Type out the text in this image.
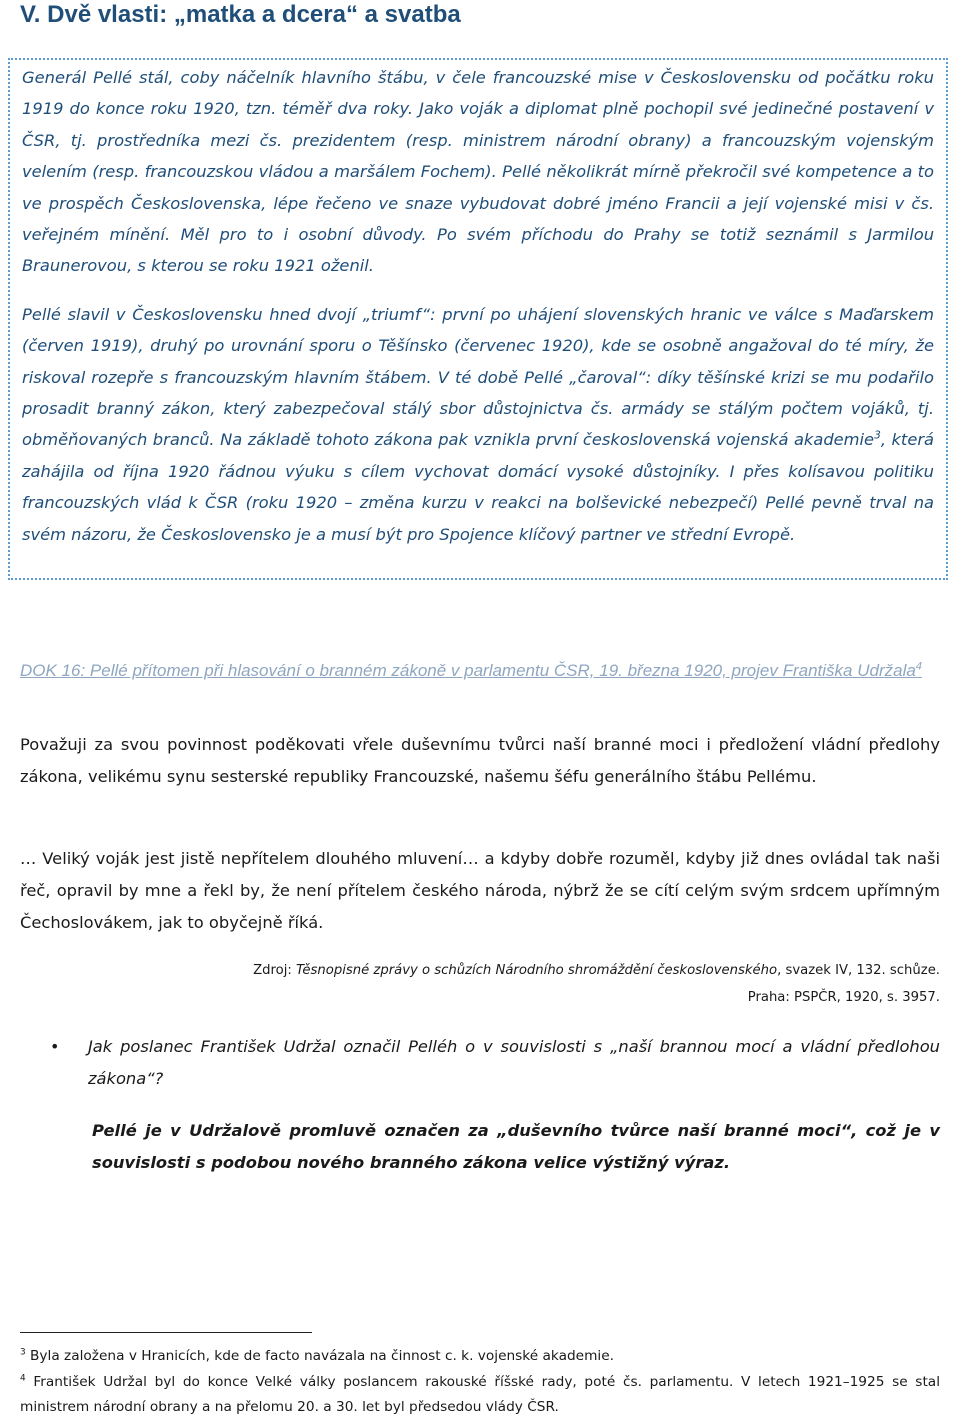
V. Dvě vlasti: „matka a dcera“ a svatba

Generál Pellé stál, coby náčelník hlavního štábu, v čele francouzské mise v Československu od počátku roku 1919 do konce roku 1920, tzn. téměř dva roky. Jako voják a diplomat plně pochopil své jedinečné postavení v ČSR, tj. prostředníka mezi čs. prezidentem (resp. ministrem národní obrany) a francouzským vojenským velením (resp. francouzskou vládou a maršálem Fochem). Pellé několikrát mírně překročil své kompetence a to ve prospěch Československa, lépe řečeno ve snaze vybudovat dobré jméno Francii a její vojenské misi v čs. veřejném mínění. Měl pro to i osobní důvody. Po svém příchodu do Prahy se totiž seznámil s Jarmilou Braunerovou, s kterou se roku 1921 oženil.

Pellé slavil v Československu hned dvojí „triumf“: první po uhájení slovenských hranic ve válce s Maďarskem (červen 1919), druhý po urovnání sporu o Těšínsko (červenec 1920), kde se osobně angažoval do té míry, že riskoval rozepře s francouzským hlavním štábem. V té době Pellé „čaroval“: díky těšínské krizi se mu podařilo prosadit branný zákon, který zabezpečoval stálý sbor důstojnictva čs. armády se stálým počtem vojáků, tj. obměňovaných branců. Na základě tohoto zákona pak vznikla první československá vojenská akademie$^3$, která zahájila od října 1920 řádnou výuku s cílem vychovat domácí vysoké důstojníky. I přes kolísavou politiku francouzských vlád k ČSR (roku 1920 – změna kurzu v reakci na bolševické nebezpečí) Pellé pevně trval na svém názoru, že Československo je a musí být pro Spojence klíčový partner ve střední Evropě.

DOK 16: Pellé přítomen při hlasování o branném zákoně v parlamentu ČSR, 19. března 1920, projev Františka Udržala$^4$

Považuji za svou povinnost poděkovati vřele duševnímu tvůrci naší branné moci i předložení vládní předlohy zákona, velikému synu sesterské republiky Francouzské, našemu šéfu generálního štábu Pellému.

… Veliký voják jest jistě nepřítelem dlouhého mluvení… a kdyby dobře rozuměl, kdyby již dnes ovládal tak naši řeč, opravil by mne a řekl by, že není přítelem českého národa, nýbrž že se cítí celým svým srdcem upřímným Čechoslovákem, jak to obyčejně říká.

Zdroj: Těsnopisné zprávy o schůzích Národního shromáždění československého, svazek IV, 132. schůze.

Praha: PSPČR, 1920, s. 3957.

• Jak poslanec František Udržal označil Pelléh o v souvislosti s „naší brannou mocí a vládní předlohou zákona“?

Pellé je v Udržalově promluvě označen za „duševního tvůrce naší branné moci“, což je v souvislosti s podobou nového branného zákona velice výstižný výraz.

$^3$ Byla založena v Hranicích, kde de facto navázala na činnost c. k. vojenské akademie.

$^4$ František Udržal byl do konce Velké války poslancem rakouské říšské rady, poté čs. parlamentu. V letech 1921–1925 se stal ministrem národní obrany a na přelomu 20. a 30. let byl předsedou vlády ČSR.
